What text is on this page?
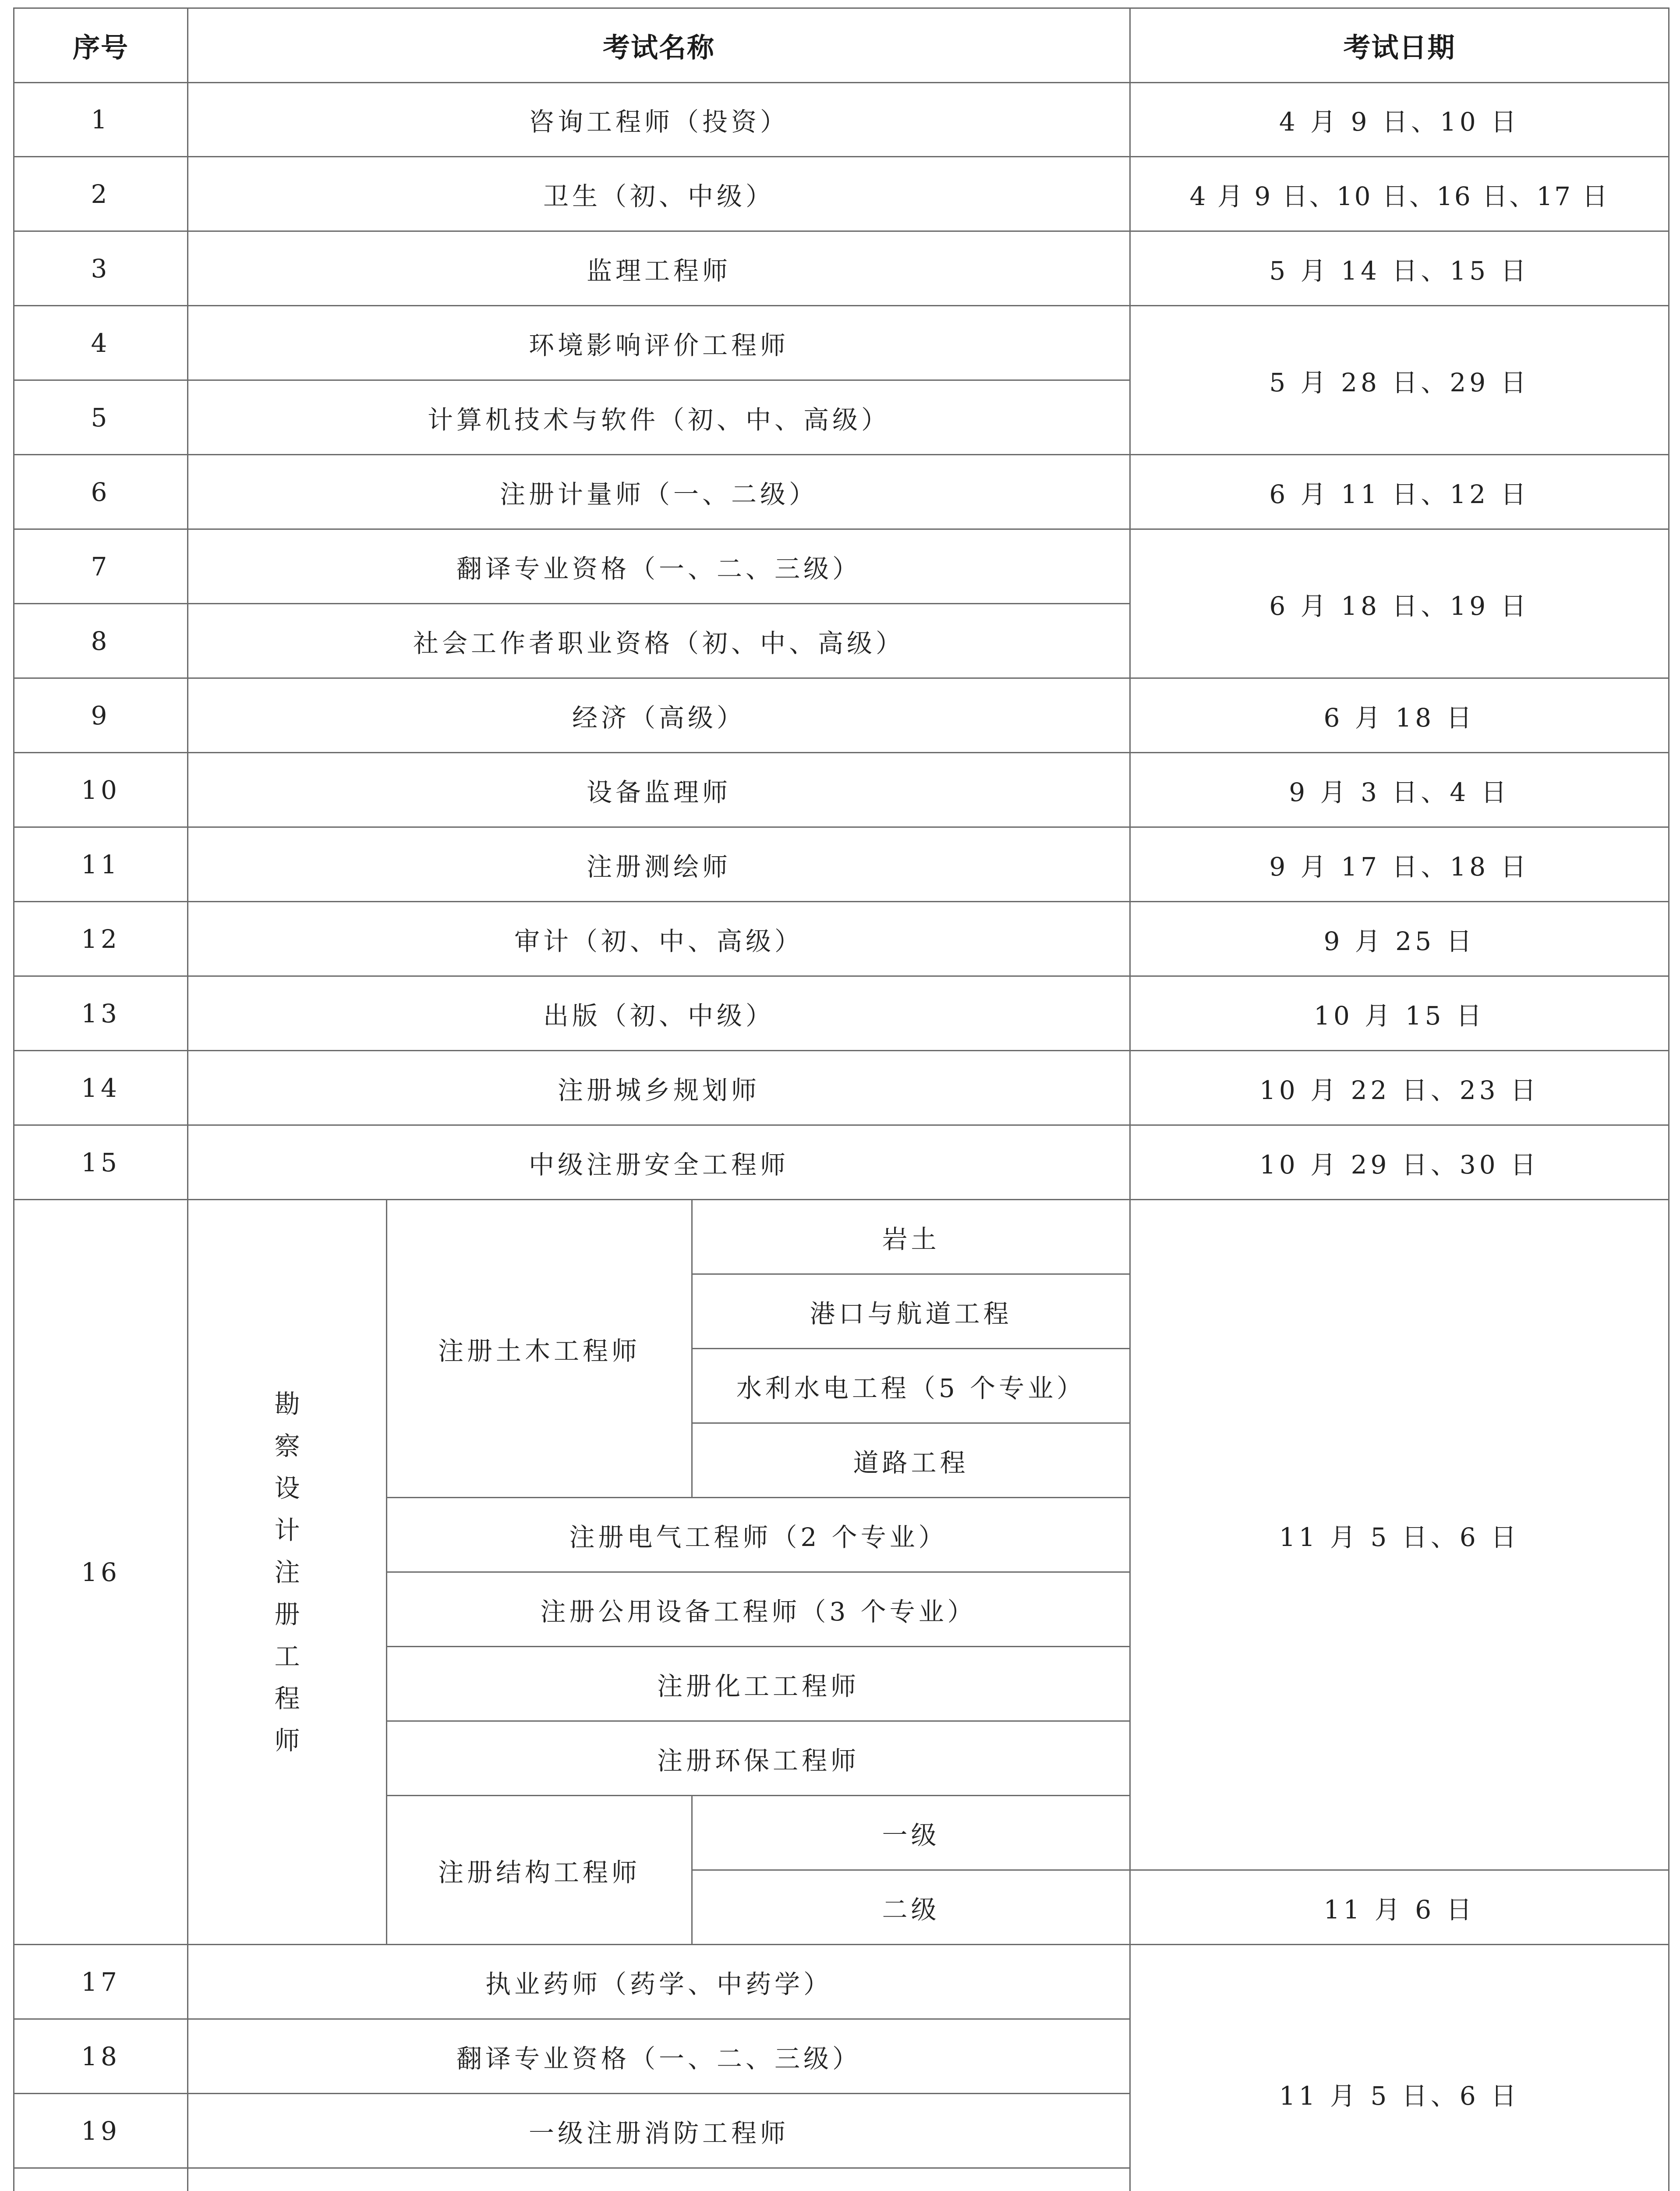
序号	考试名称			考试日期
1	咨询工程师（投资）			4 月 9 日、10 日
2	卫生（初、中级）			4 月 9 日、10 日、16 日、17 日
3	监理工程师			5 月 14 日、15 日
4	环境影响评价工程师			5 月 28 日、29 日
5	计算机技术与软件（初、中、高级）			
6	注册计量师（一、二级）			6 月 11 日、12 日
7	翻译专业资格（一、二、三级）			6 月 18 日、19 日
8	社会工作者职业资格（初、中、高级）			
9	经济（高级）			6 月 18 日
10	设备监理师			9 月 3 日、4 日
11	注册测绘师			9 月 17 日、18 日
12	审计（初、中、高级）			9 月 25 日
13	出版（初、中级）			10 月 15 日
14	注册城乡规划师			10 月 22 日、23 日
15	中级注册安全工程师			10 月 29 日、30 日
16	勘察设计注册工程师	注册土木工程师	岩土	11 月 5 日、6 日
			港口与航道工程	
			水利水电工程（5 个专业）	
			道路工程	
		注册电气工程师（2 个专业）		
		注册公用设备工程师（3 个专业）		
		注册化工工程师		
		注册环保工程师		
		注册结构工程师	一级	
			二级	11 月 6 日
17	执业药师（药学、中药学）			11 月 5 日、6 日
18	翻译专业资格（一、二、三级）			
19	一级注册消防工程师			
